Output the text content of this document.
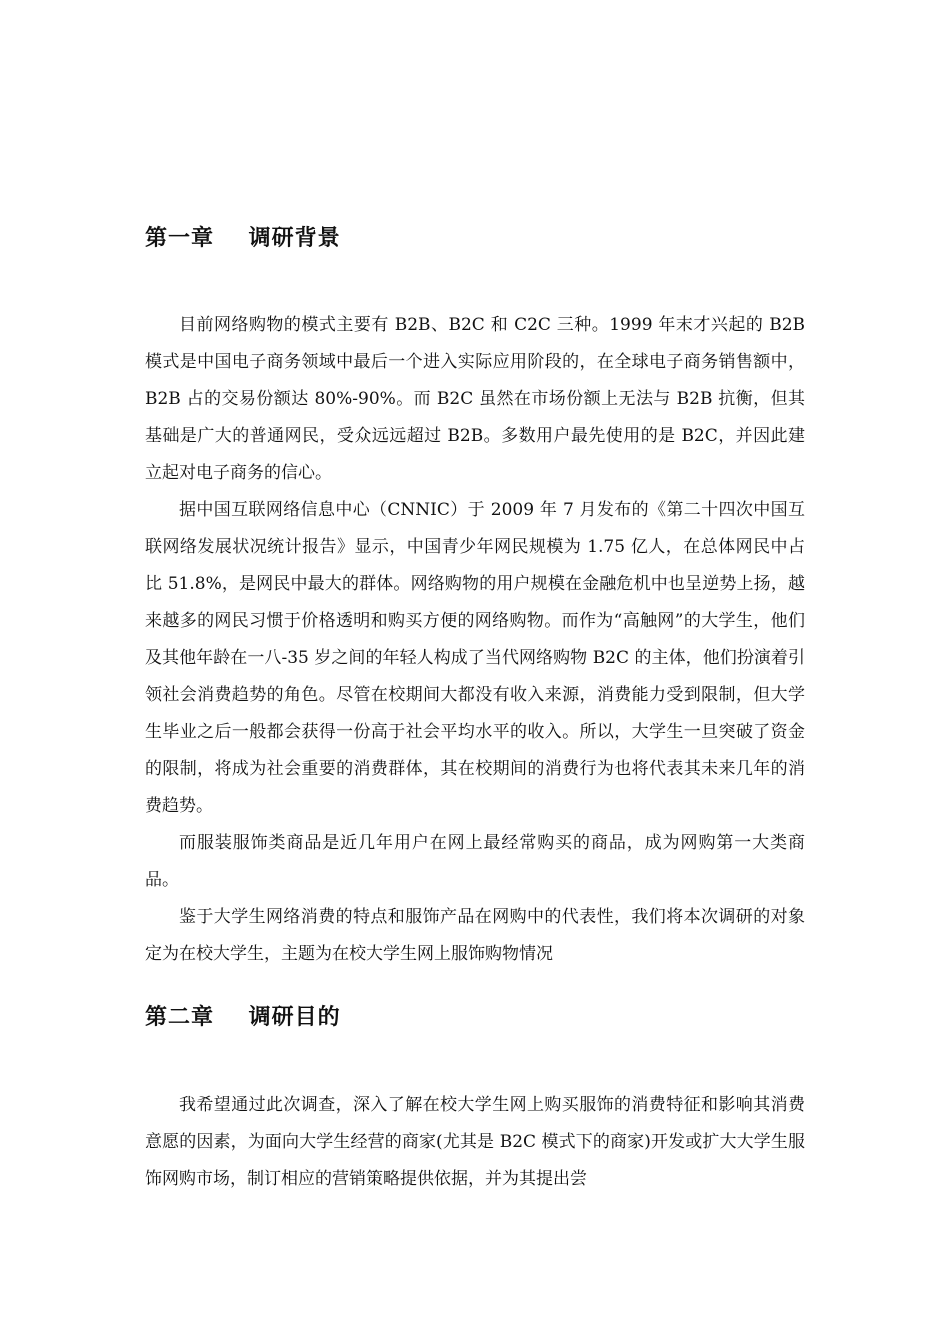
第一章    调研背景

目前网络购物的模式主要有 B2B、B2C 和 C2C 三种。1999 年末才兴起的 B2B 模式是中国电子商务领域中最后一个进入实际应用阶段的，在全球电子商务销售额中，B2B 占的交易份额达 80%-90%。而 B2C 虽然在市场份额上无法与 B2B 抗衡，但其基础是广大的普通网民，受众远远超过 B2B。多数用户最先使用的是 B2C，并因此建立起对电子商务的信心。

据中国互联网络信息中心（CNNIC）于 2009 年 7 月发布的《第二十四次中国互联网络发展状况统计报告》显示，中国青少年网民规模为 1.75 亿人，在总体网民中占比 51.8%，是网民中最大的群体。网络购物的用户规模在金融危机中也呈逆势上扬，越来越多的网民习惯于价格透明和购买方便的网络购物。而作为“高触网”的大学生，他们及其他年龄在一八-35 岁之间的年轻人构成了当代网络购物 B2C 的主体，他们扮演着引领社会消费趋势的角色。尽管在校期间大都没有收入来源，消费能力受到限制，但大学生毕业之后一般都会获得一份高于社会平均水平的收入。所以，大学生一旦突破了资金的限制，将成为社会重要的消费群体，其在校期间的消费行为也将代表其未来几年的消费趋势。

而服装服饰类商品是近几年用户在网上最经常购买的商品，成为网购第一大类商品。

鉴于大学生网络消费的特点和服饰产品在网购中的代表性，我们将本次调研的对象定为在校大学生，主题为在校大学生网上服饰购物情况

第二章    调研目的

我希望通过此次调查，深入了解在校大学生网上购买服饰的消费特征和影响其消费意愿的因素，为面向大学生经营的商家(尤其是 B2C 模式下的商家)开发或扩大大学生服饰网购市场，制订相应的营销策略提供依据，并为其提出尝
